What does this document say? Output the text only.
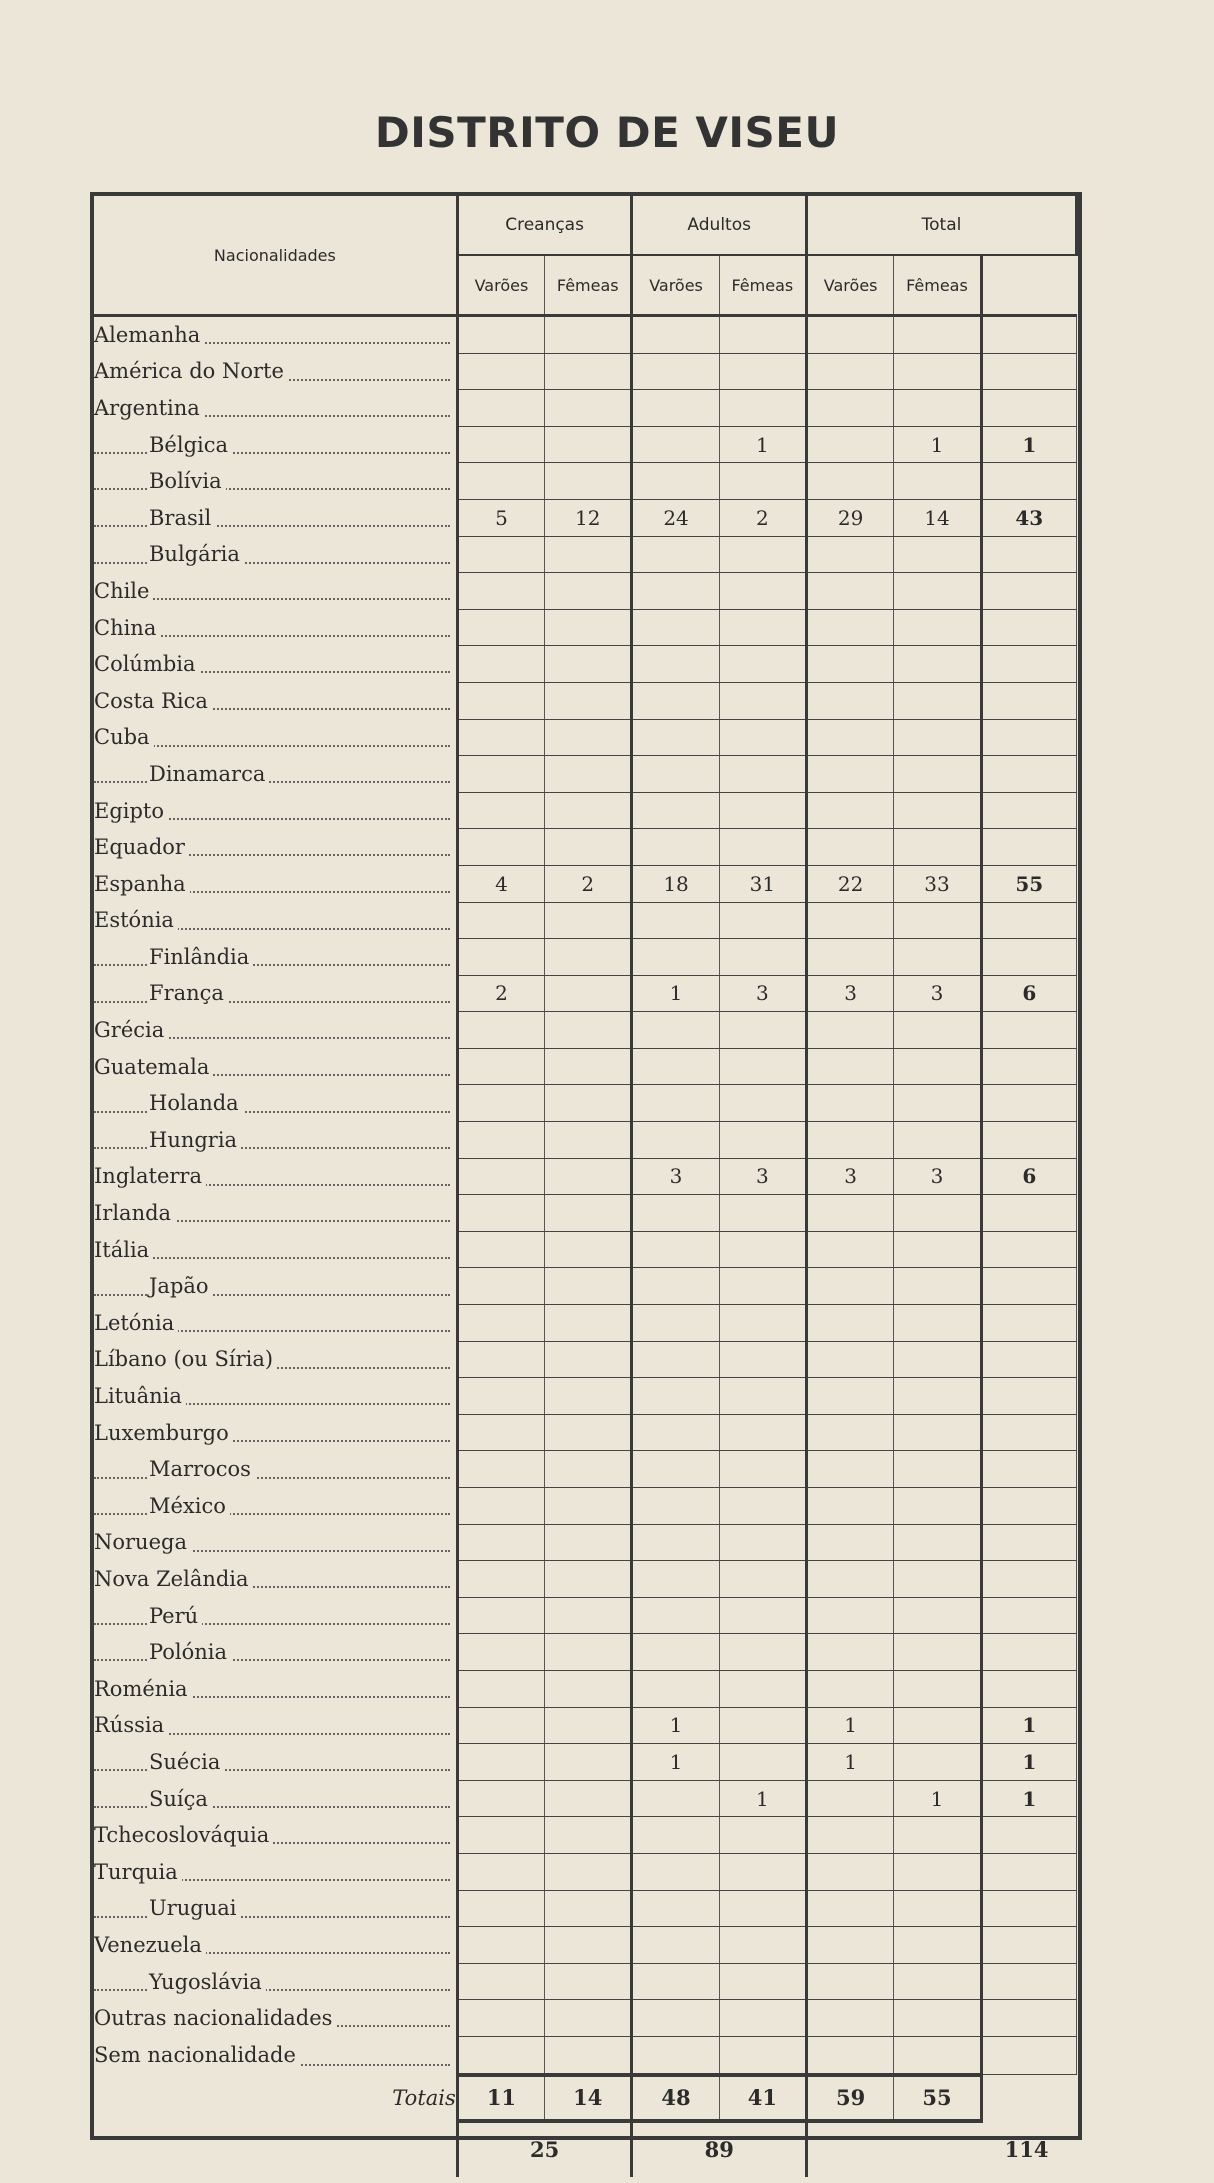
DISTRITO DE VISEU
Nacionalidades	Creanças		Adultos		Total		
	Varões	Fêmeas	Varões	Fêmeas	Varões	Fêmeas	

Alemanha							

América do Norte							

Argentina							

Bélgica				1		1	1

Bolívia							

Brasil	5	12	24	2	29	14	43

Bulgária							

Chile							

China							

Colúmbia							

Costa Rica							

Cuba							

Dinamarca							

Egipto							

Equador							

Espanha	4	2	18	31	22	33	55

Estónia							

Finlândia							

França	2		1	3	3	3	6

Grécia							

Guatemala							

Holanda							

Hungria							

Inglaterra			3	3	3	3	6

Irlanda							

Itália							

Japão							

Letónia							

Líbano (ou Síria)							

Lituânia							

Luxemburgo							

Marrocos							

México							

Noruega							

Nova Zelândia							

Perú							

Polónia							

Roménia							

Rússia			1		1		1

Suécia			1		1		1

Suíça				1		1	1

Tchecoslováquia							

Turquia							

Uruguai							

Venezuela							

Yugoslávia							

Outras nacionalidades							

Sem nacionalidade							
Totais	11	14	48	41	59	55	
	25		89		114		
